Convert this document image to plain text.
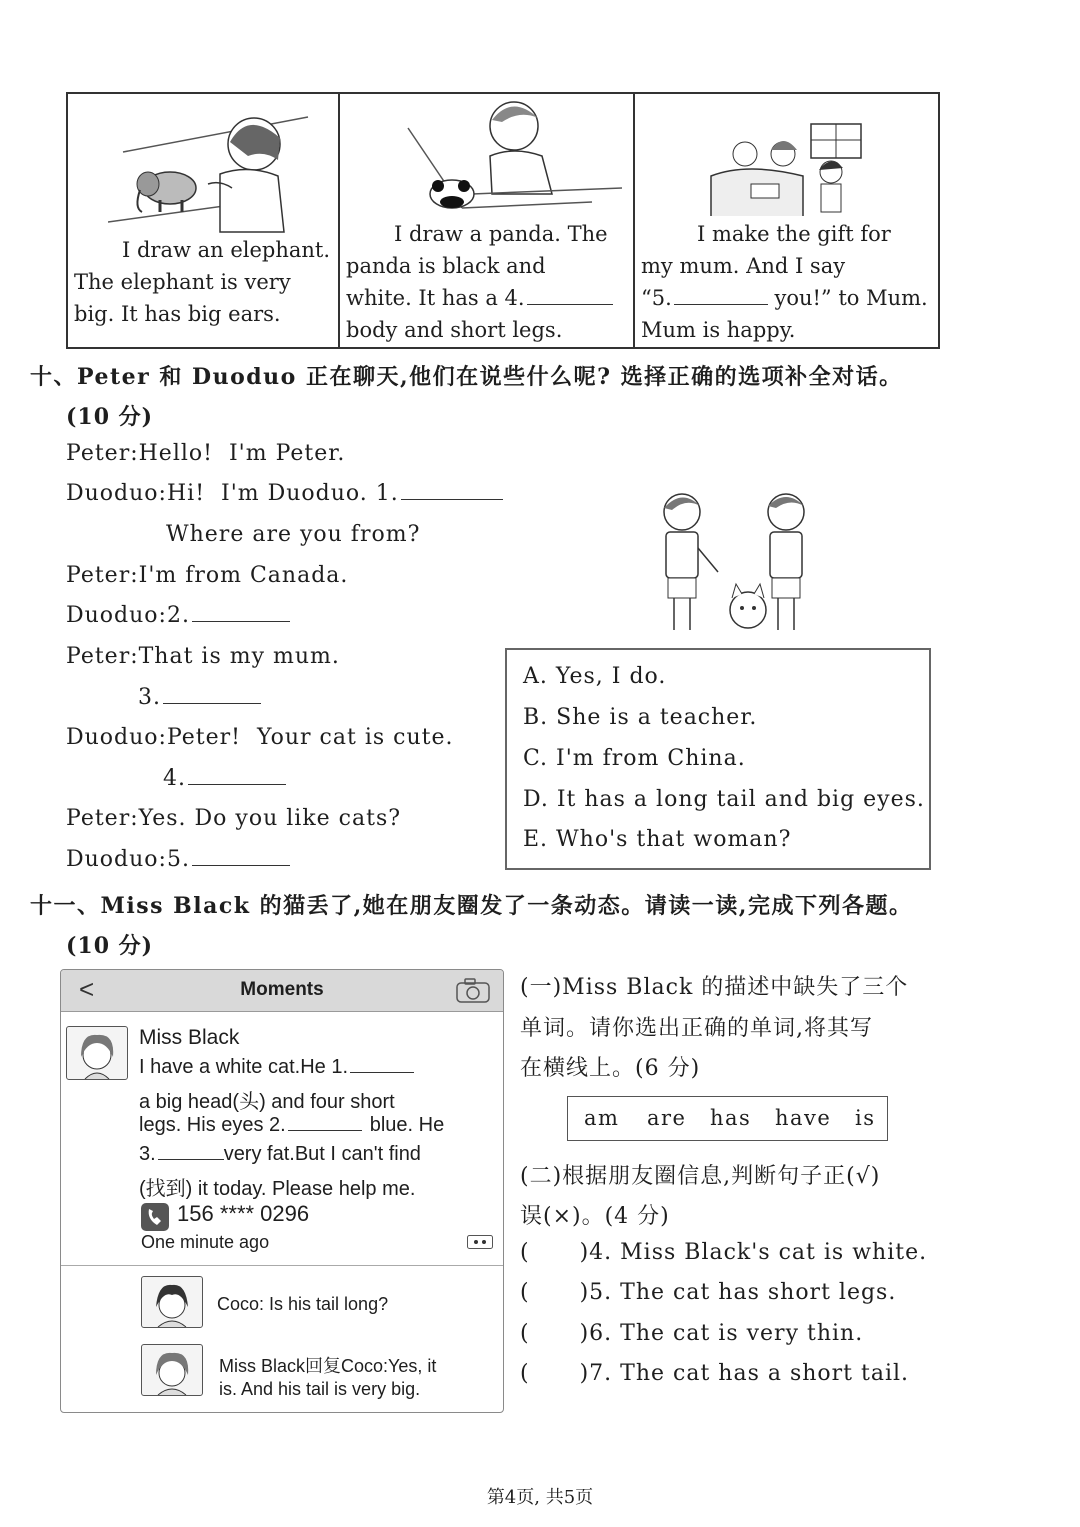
I draw an elephant.

The elephant is very

big. It has big ears.

I draw a panda. The

panda is black and

white. It has a 4.

body and short legs.

I make the gift for

my mum. And I say

“5.	you!” to Mum.

Mum is happy.

十、Peter 和 Duoduo 正在聊天,他们在说些什么呢? 选择正确的选项补全对话。
(10 分)
Peter:Hello!  I'm Peter.
Duoduo:Hi!  I'm Duoduo. 1.
Where are you from?
Peter:I'm from Canada.
Duoduo:2.
Peter:That is my mum.
3.
Duoduo:Peter!  Your cat is cute.
4.
Peter:Yes. Do you like cats?
Duoduo:5.
A. Yes, I do.
B. She is a teacher.
C. I'm from China.
D. It has a long tail and big eyes.
E. Who's that woman?
十一、Miss Black 的猫丢了,她在朋友圈发了一条动态。请读一读,完成下列各题。
(10 分)
<	Moments
Miss Black
I have a white cat.He 1.
a big head(头) and four short
legs. His eyes 2.	blue. He
3.	very fat.But I can't find
(找到) it today. Please help me.
156 **** 0296
One minute ago
Coco: Is his tail long?
Miss Black回复Coco:Yes, it
is. And his tail is very big.
(一)Miss Black 的描述中缺失了三个
单词。请你选出正确的单词,将其写
在横线上。(6 分)
am are has have is
(二)根据朋友圈信息,判断句子正(√)
误(×)。(4 分)
( )4. Miss Black's cat is white.
( )5. The cat has short legs.
( )6. The cat is very thin.
( )7. The cat has a short tail.
第4页, 共5页
